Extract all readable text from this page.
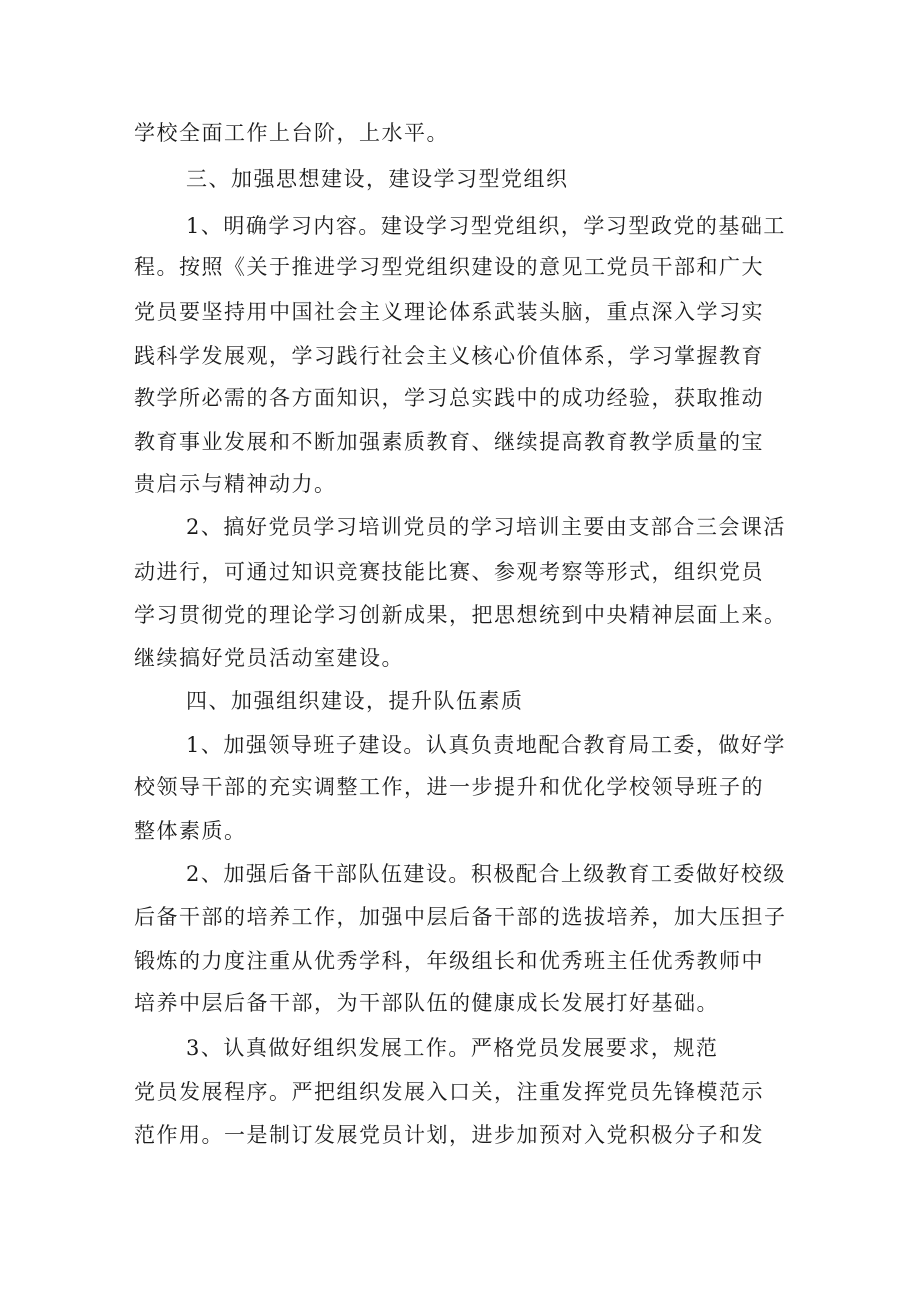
学校全面工作上台阶，上水平。
三、加强思想建设，建设学习型党组织
1、明确学习内容。建设学习型党组织，学习型政党的基础工
程。按照《关于推进学习型党组织建设的意见工党员干部和广大
党员要坚持用中国社会主义理论体系武装头脑，重点深入学习实
践科学发展观，学习践行社会主义核心价值体系，学习掌握教育
教学所必需的各方面知识，学习总实践中的成功经验，获取推动
教育事业发展和不断加强素质教育、继续提高教育教学质量的宝
贵启示与精神动力。
2、搞好党员学习培训党员的学习培训主要由支部合三会课活
动进行，可通过知识竞赛技能比赛、参观考察等形式，组织党员
学习贯彻党的理论学习创新成果，把思想统到中央精神层面上来。
继续搞好党员活动室建设。
四、加强组织建设，提升队伍素质
1、加强领导班子建设。认真负责地配合教育局工委，做好学
校领导干部的充实调整工作，进一步提升和优化学校领导班子的
整体素质。
2、加强后备干部队伍建设。积极配合上级教育工委做好校级
后备干部的培养工作，加强中层后备干部的选拔培养，加大压担子
锻炼的力度注重从优秀学科，年级组长和优秀班主任优秀教师中
培养中层后备干部，为干部队伍的健康成长发展打好基础。
3、认真做好组织发展工作。严格党员发展要求，规范
党员发展程序。严把组织发展入口关，注重发挥党员先锋模范示
范作用。一是制订发展党员计划，进步加预对入党积极分子和发
